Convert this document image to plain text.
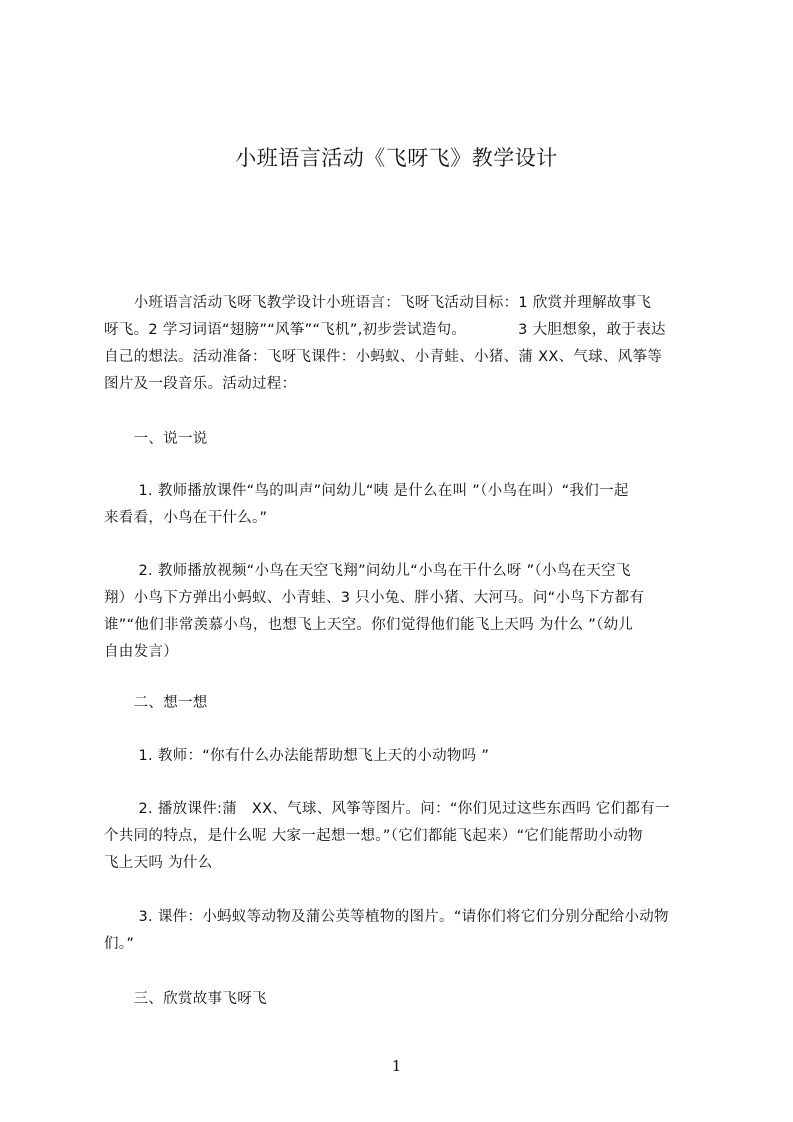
小班语言活动《飞呀飞》教学设计
　　小班语言活动飞呀飞教学设计小班语言：飞呀飞活动目标：1 欣赏并理解故事飞
呀飞。2 学习词语“翅膀”“风筝”“飞机”,初步尝试造句。　　　　3 大胆想象，敢于表达
自己的想法。活动准备：飞呀飞课件：小蚂蚁、小青蛙、小猪、蒲 XX、气球、风筝等
图片及一段音乐。活动过程：
　　一、说一说
　　 1. 教师播放课件“鸟的叫声”问幼儿“咦 是什么在叫 ”（小鸟在叫）“我们一起
来看看，小鸟在干什么。”
　　 2. 教师播放视频“小鸟在天空飞翔”问幼儿“小鸟在干什么呀 ”（小鸟在天空飞
翔）小鸟下方弹出小蚂蚁、小青蛙、3 只小兔、胖小猪、大河马。问“小鸟下方都有
谁”“他们非常羡慕小鸟，也想飞上天空。你们觉得他们能飞上天吗 为什么 ”（幼儿
自由发言）
　　二、想一想
　　 1. 教师：“你有什么办法能帮助想飞上天的小动物吗 ”
　　 2. 播放课件:蒲　XX、气球、风筝等图片。问：“你们见过这些东西吗 它们都有一
个共同的特点，是什么呢 大家一起想一想。”（它们都能飞起来）“它们能帮助小动物
飞上天吗 为什么
　　 3. 课件：小蚂蚁等动物及蒲公英等植物的图片。“请你们将它们分别分配给小动物
们。”
　　三、欣赏故事飞呀飞
1
